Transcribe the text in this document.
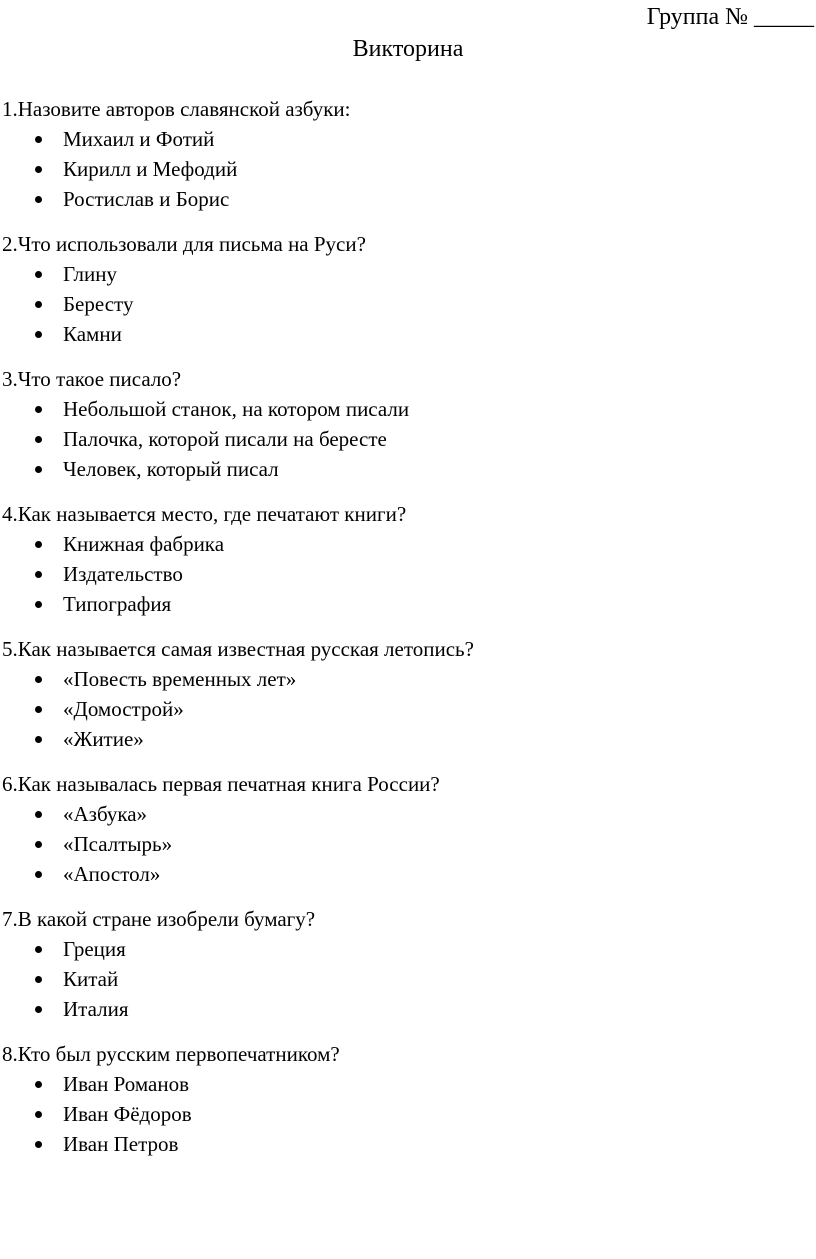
Группа № _____
Викторина
1.Назовите авторов славянской азбуки:
Михаил и Фотий
Кирилл и Мефодий
Ростислав и Борис
2.Что использовали для письма на Руси?
Глину
Бересту
Камни
3.Что такое писало?
Небольшой станок, на котором писали
Палочка, которой писали на бересте
Человек, который писал
4.Как называется место, где печатают книги?
Книжная фабрика
Издательство
Типография
5.Как называется самая известная русская летопись?
«Повесть временных лет»
«Домострой»
«Житие»
6.Как называлась первая печатная книга России?
«Азбука»
«Псалтырь»
«Апостол»
7.В какой стране изобрели бумагу?
Греция
Китай
Италия
8.Кто был русским первопечатником?
Иван Романов
Иван Фёдоров
Иван Петров
